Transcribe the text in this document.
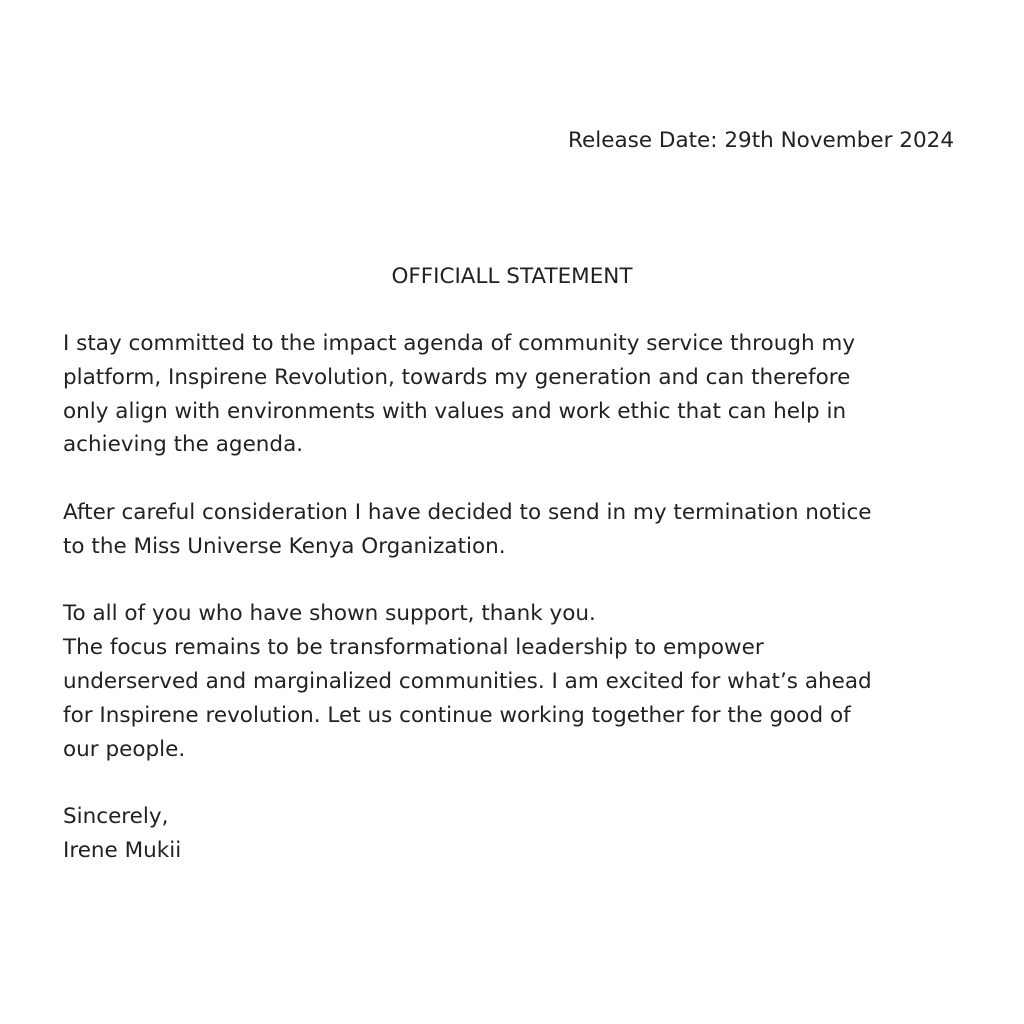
Release Date: 29th November 2024
OFFICIALL STATEMENT
I stay committed to the impact agenda of community service through my
platform, Inspirene Revolution, towards my generation and can therefore
only align with environments with values and work ethic that can help in
achieving the agenda.
After careful consideration I have decided to send in my termination notice
to the Miss Universe Kenya Organization.
To all of you who have shown support, thank you.
The focus remains to be transformational leadership to empower
underserved and marginalized communities. I am excited for what’s ahead
for Inspirene revolution. Let us continue working together for the good of
our people.
Sincerely,
Irene Mukii
